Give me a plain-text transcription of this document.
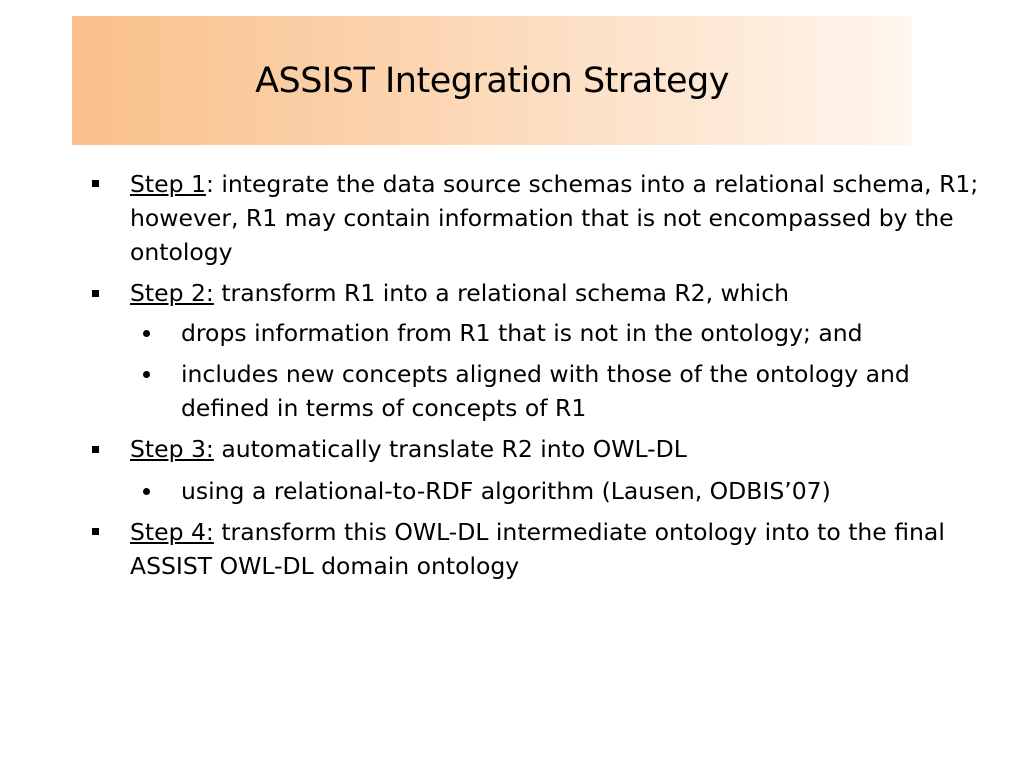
ASSIST Integration Strategy
Step 1: integrate the data source schemas into a relational schema, R1; however, R1 may contain information that is not encompassed by the ontology
Step 2: transform R1 into a relational schema R2, which
drops information from R1 that is not in the ontology; and
includes new concepts aligned with those of the ontology and defined in terms of concepts of R1
Step 3: automatically translate R2 into OWL-DL
using a relational-to-RDF algorithm (Lausen, ODBIS’07)
Step 4: transform this OWL-DL intermediate ontology into to the final ASSIST OWL-DL domain ontology
